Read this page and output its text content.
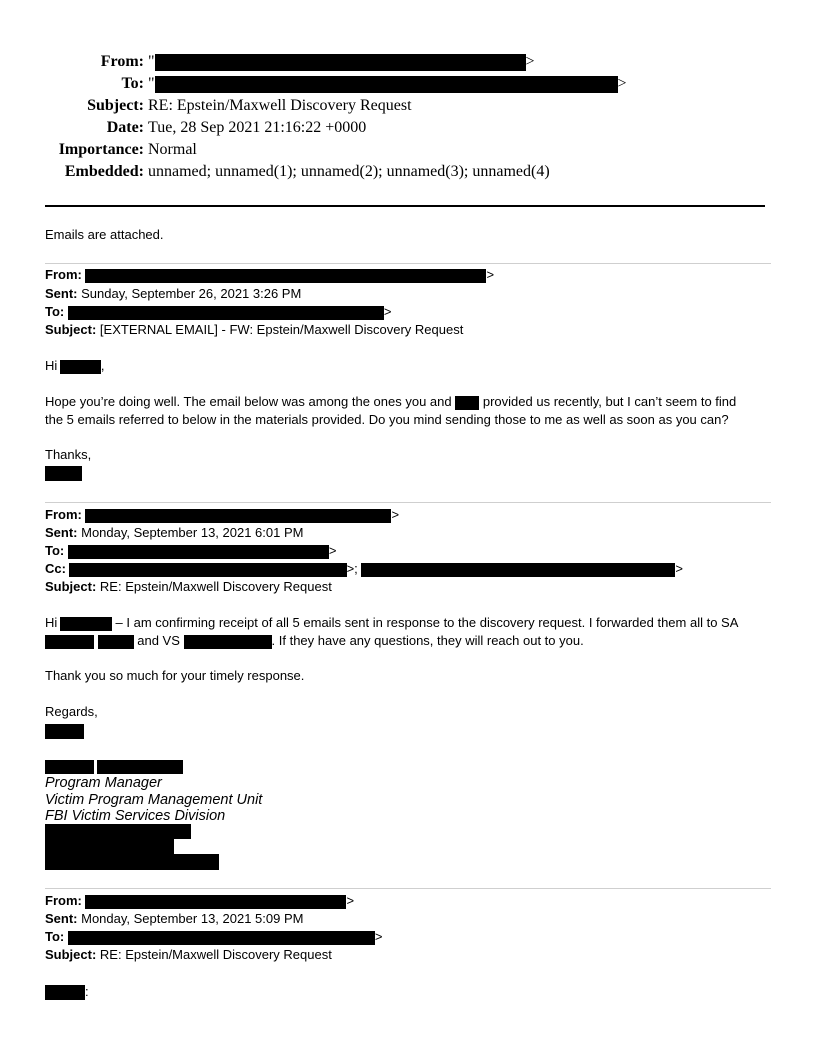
From: "	>
To: "	>
Subject: RE: Epstein/Maxwell Discovery Request
Date: Tue, 28 Sep 2021 21:16:22 +0000
Importance: Normal
Embedded: unnamed; unnamed(1); unnamed(2); unnamed(3); unnamed(4)
Emails are attached.
From:	>
Sent: Sunday, September 26, 2021 3:26 PM
To:	>
Subject: [EXTERNAL EMAIL] - FW: Epstein/Maxwell Discovery Request
Hi	,
Hope you’re doing well. The email below was among the ones you and provided us recently, but I can’t seem to find
the 5 emails referred to below in the materials provided. Do you mind sending those to me as well as soon as you can?
Thanks,
From:	>
Sent: Monday, September 13, 2021 6:01 PM
To:	>
Cc:	>;	>
Subject: RE: Epstein/Maxwell Discovery Request
Hi	– I am confirming receipt of all 5 emails sent in response to the discovery request. I forwarded them all to SA
and VS	. If they have any questions, they will reach out to you.
Thank you so much for your timely response.
Regards,
Program Manager
Victim Program Management Unit
FBI Victim Services Division
From:	>
Sent: Monday, September 13, 2021 5:09 PM
To:	>
Subject: RE: Epstein/Maxwell Discovery Request
:
